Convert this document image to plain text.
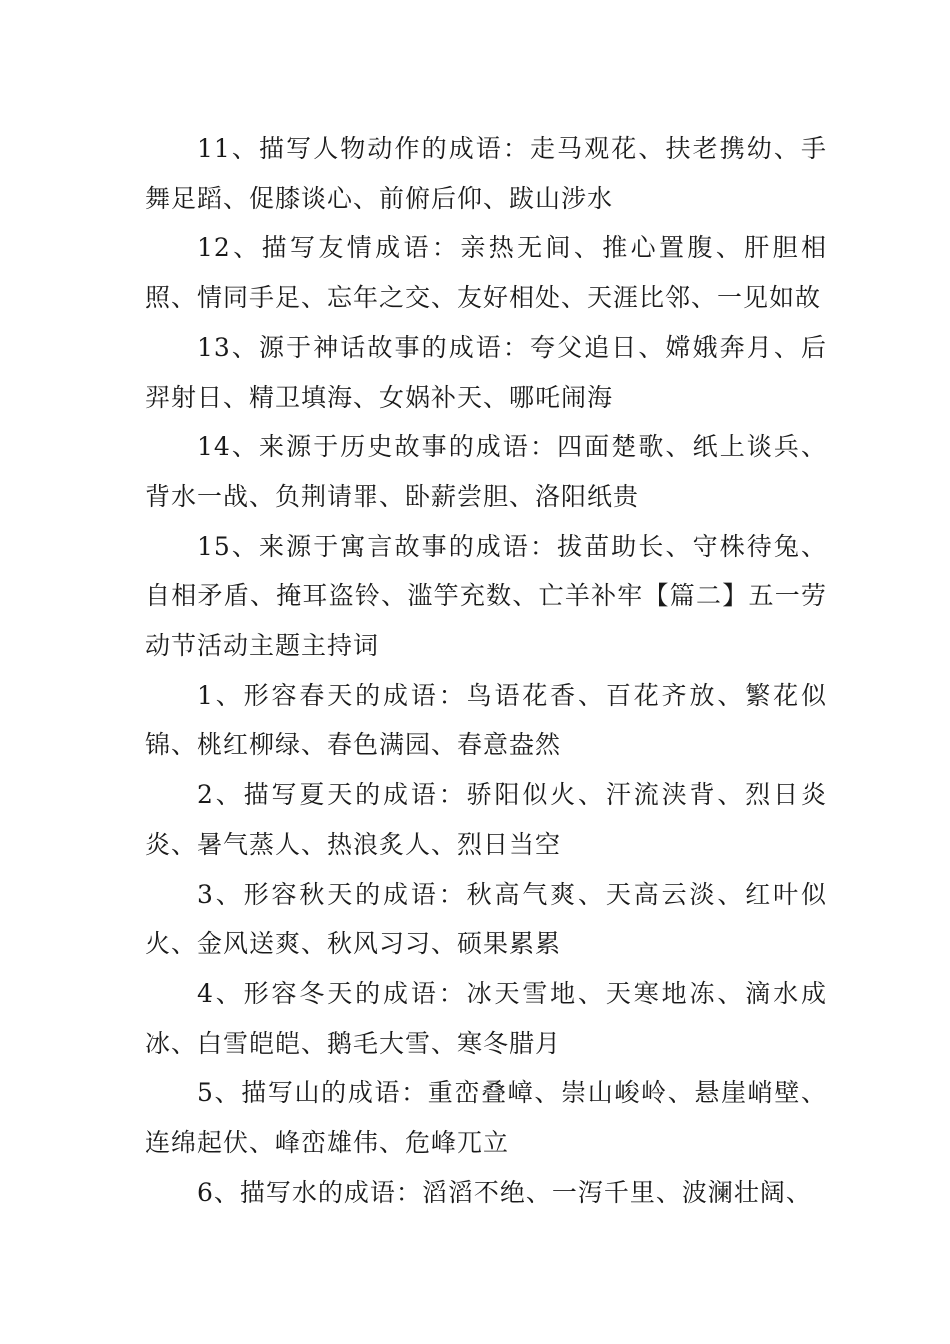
11、描写人物动作的成语：走马观花、扶老携幼、手舞足蹈、促膝谈心、前俯后仰、跋山涉水

12、描写友情成语：亲热无间、推心置腹、肝胆相照、情同手足、忘年之交、友好相处、天涯比邻、一见如故

13、源于神话故事的成语：夸父追日、嫦娥奔月、后羿射日、精卫填海、女娲补天、哪吒闹海

14、来源于历史故事的成语：四面楚歌、纸上谈兵、背水一战、负荆请罪、卧薪尝胆、洛阳纸贵

15、来源于寓言故事的成语：拔苗助长、守株待兔、自相矛盾、掩耳盗铃、滥竽充数、亡羊补牢【篇二】五一劳动节活动主题主持词

1、形容春天的成语：鸟语花香、百花齐放、繁花似锦、桃红柳绿、春色满园、春意盎然

2、描写夏天的成语：骄阳似火、汗流浃背、烈日炎炎、暑气蒸人、热浪炙人、烈日当空

3、形容秋天的成语：秋高气爽、天高云淡、红叶似火、金风送爽、秋风习习、硕果累累

4、形容冬天的成语：冰天雪地、天寒地冻、滴水成冰、白雪皑皑、鹅毛大雪、寒冬腊月

5、描写山的成语：重峦叠嶂、崇山峻岭、悬崖峭壁、连绵起伏、峰峦雄伟、危峰兀立

6、描写水的成语：滔滔不绝、一泻千里、波澜壮阔、
